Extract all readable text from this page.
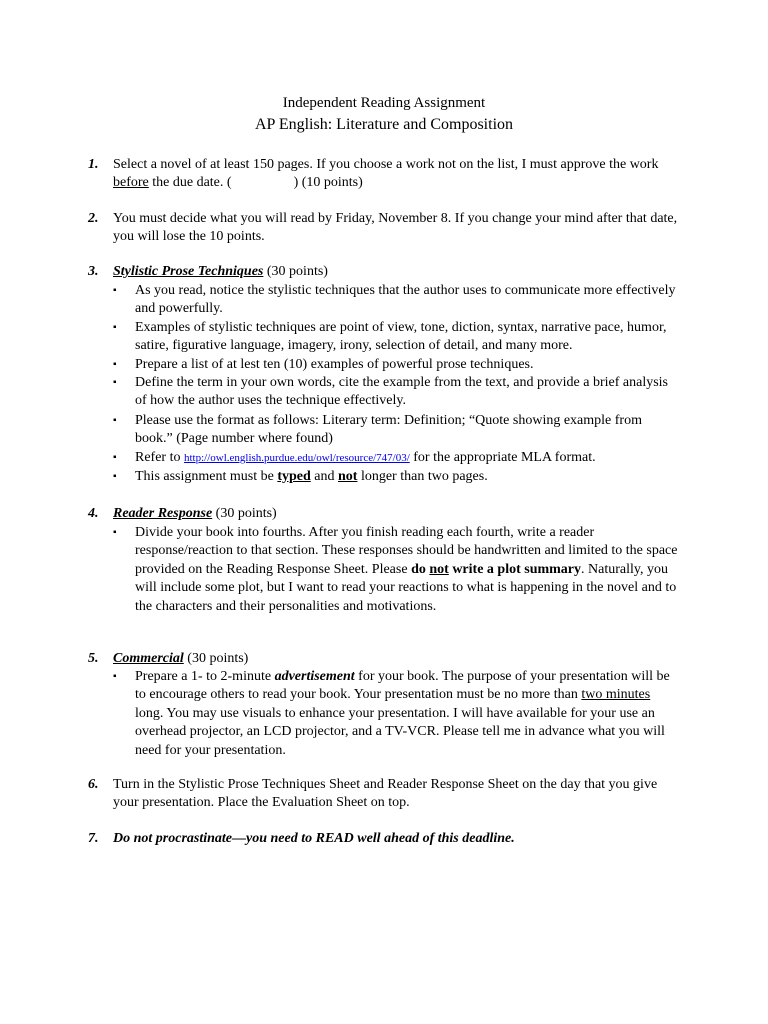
Independent Reading Assignment
AP English: Literature and Composition
1. Select a novel of at least 150 pages. If you choose a work not on the list, I must approve the work before the due date. (	) (10 points)
2. You must decide what you will read by Friday, November 8. If you change your mind after that date, you will lose the 10 points.
3. Stylistic Prose Techniques (30 points)
▪ As you read, notice the stylistic techniques that the author uses to communicate more effectively and powerfully.
▪ Examples of stylistic techniques are point of view, tone, diction, syntax, narrative pace, humor, satire, figurative language, imagery, irony, selection of detail, and many more.
▪ Prepare a list of at lest ten (10) examples of powerful prose techniques.
▪ Define the term in your own words, cite the example from the text, and provide a brief analysis of how the author uses the technique effectively.
▪ Please use the format as follows: Literary term: Definition; “Quote showing example from book.” (Page number where found)
▪ Refer to http://owl.english.purdue.edu/owl/resource/747/03/ for the appropriate MLA format.
▪ This assignment must be typed and not longer than two pages.
4. Reader Response (30 points)
▪ Divide your book into fourths. After you finish reading each fourth, write a reader response/reaction to that section. These responses should be handwritten and limited to the space provided on the Reading Response Sheet. Please do not write a plot summary. Naturally, you will include some plot, but I want to read your reactions to what is happening in the novel and to the characters and their personalities and motivations.
5. Commercial (30 points)
▪ Prepare a 1- to 2-minute advertisement for your book. The purpose of your presentation will be to encourage others to read your book. Your presentation must be no more than two minutes long. You may use visuals to enhance your presentation. I will have available for your use an overhead projector, an LCD projector, and a TV-VCR. Please tell me in advance what you will need for your presentation.
6. Turn in the Stylistic Prose Techniques Sheet and Reader Response Sheet on the day that you give your presentation. Place the Evaluation Sheet on top.
7. Do not procrastinate—you need to READ well ahead of this deadline.
